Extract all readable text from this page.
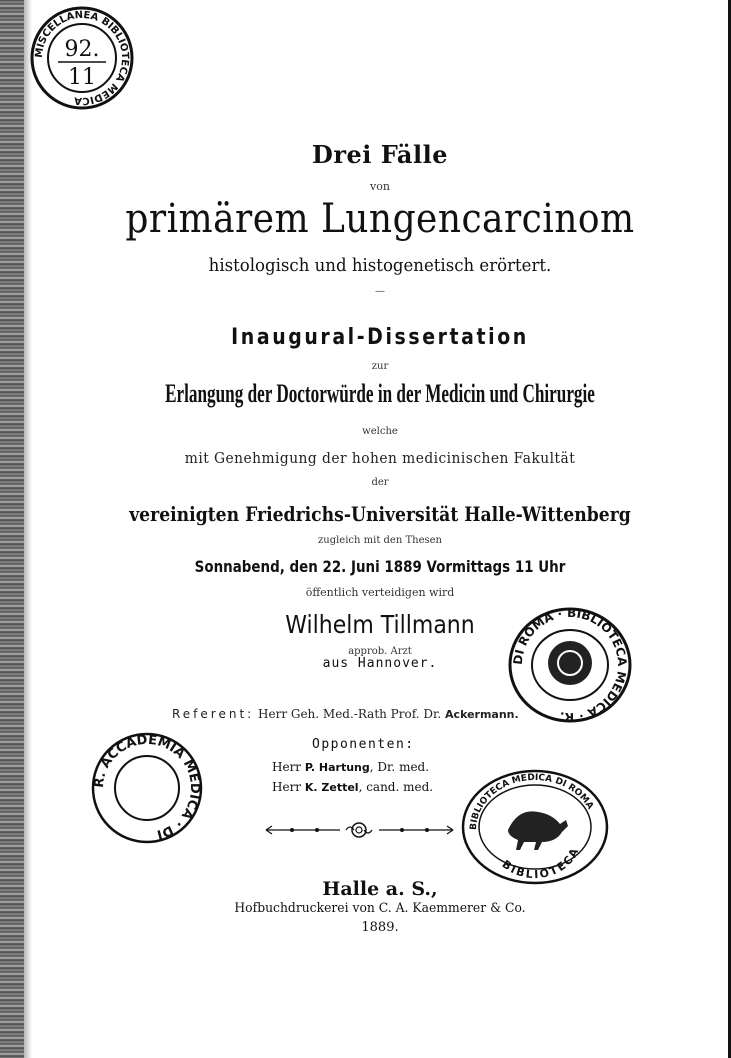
MISCELLANEA BIBLIOTECA MEDICA
92.
11
Drei Fälle
von
primärem Lungencarcinom
histologisch und histogenetisch erörtert.
—
Inaugural-Dissertation
zur
Erlangung der Doctorwürde in der Medicin und Chirurgie
welche
mit Genehmigung der hohen medicinischen Fakultät
der
vereinigten Friedrichs-Universität Halle-Wittenberg
zugleich mit den Thesen
Sonnabend, den 22. Juni 1889 Vormittags 11 Uhr
öffentlich verteidigen wird
Wilhelm Tillmann
approb. Arzt
aus Hannover.	DI ROMA · BIBLIOTECA MEDICA · R.
Referent: Herr Geh. Med.-Rath Prof. Dr. Ackermann.
R. ACCADEMIA MEDICA · DI
Opponenten:
Herr P. Hartung, Dr. med.
Herr K. Zettel, cand. med.
BIBLIOTECA MEDICA DI ROMA
BIBLIOTECA
Halle a. S.,
Hofbuchdruckerei von C. A. Kaemmerer & Co.
1889.
